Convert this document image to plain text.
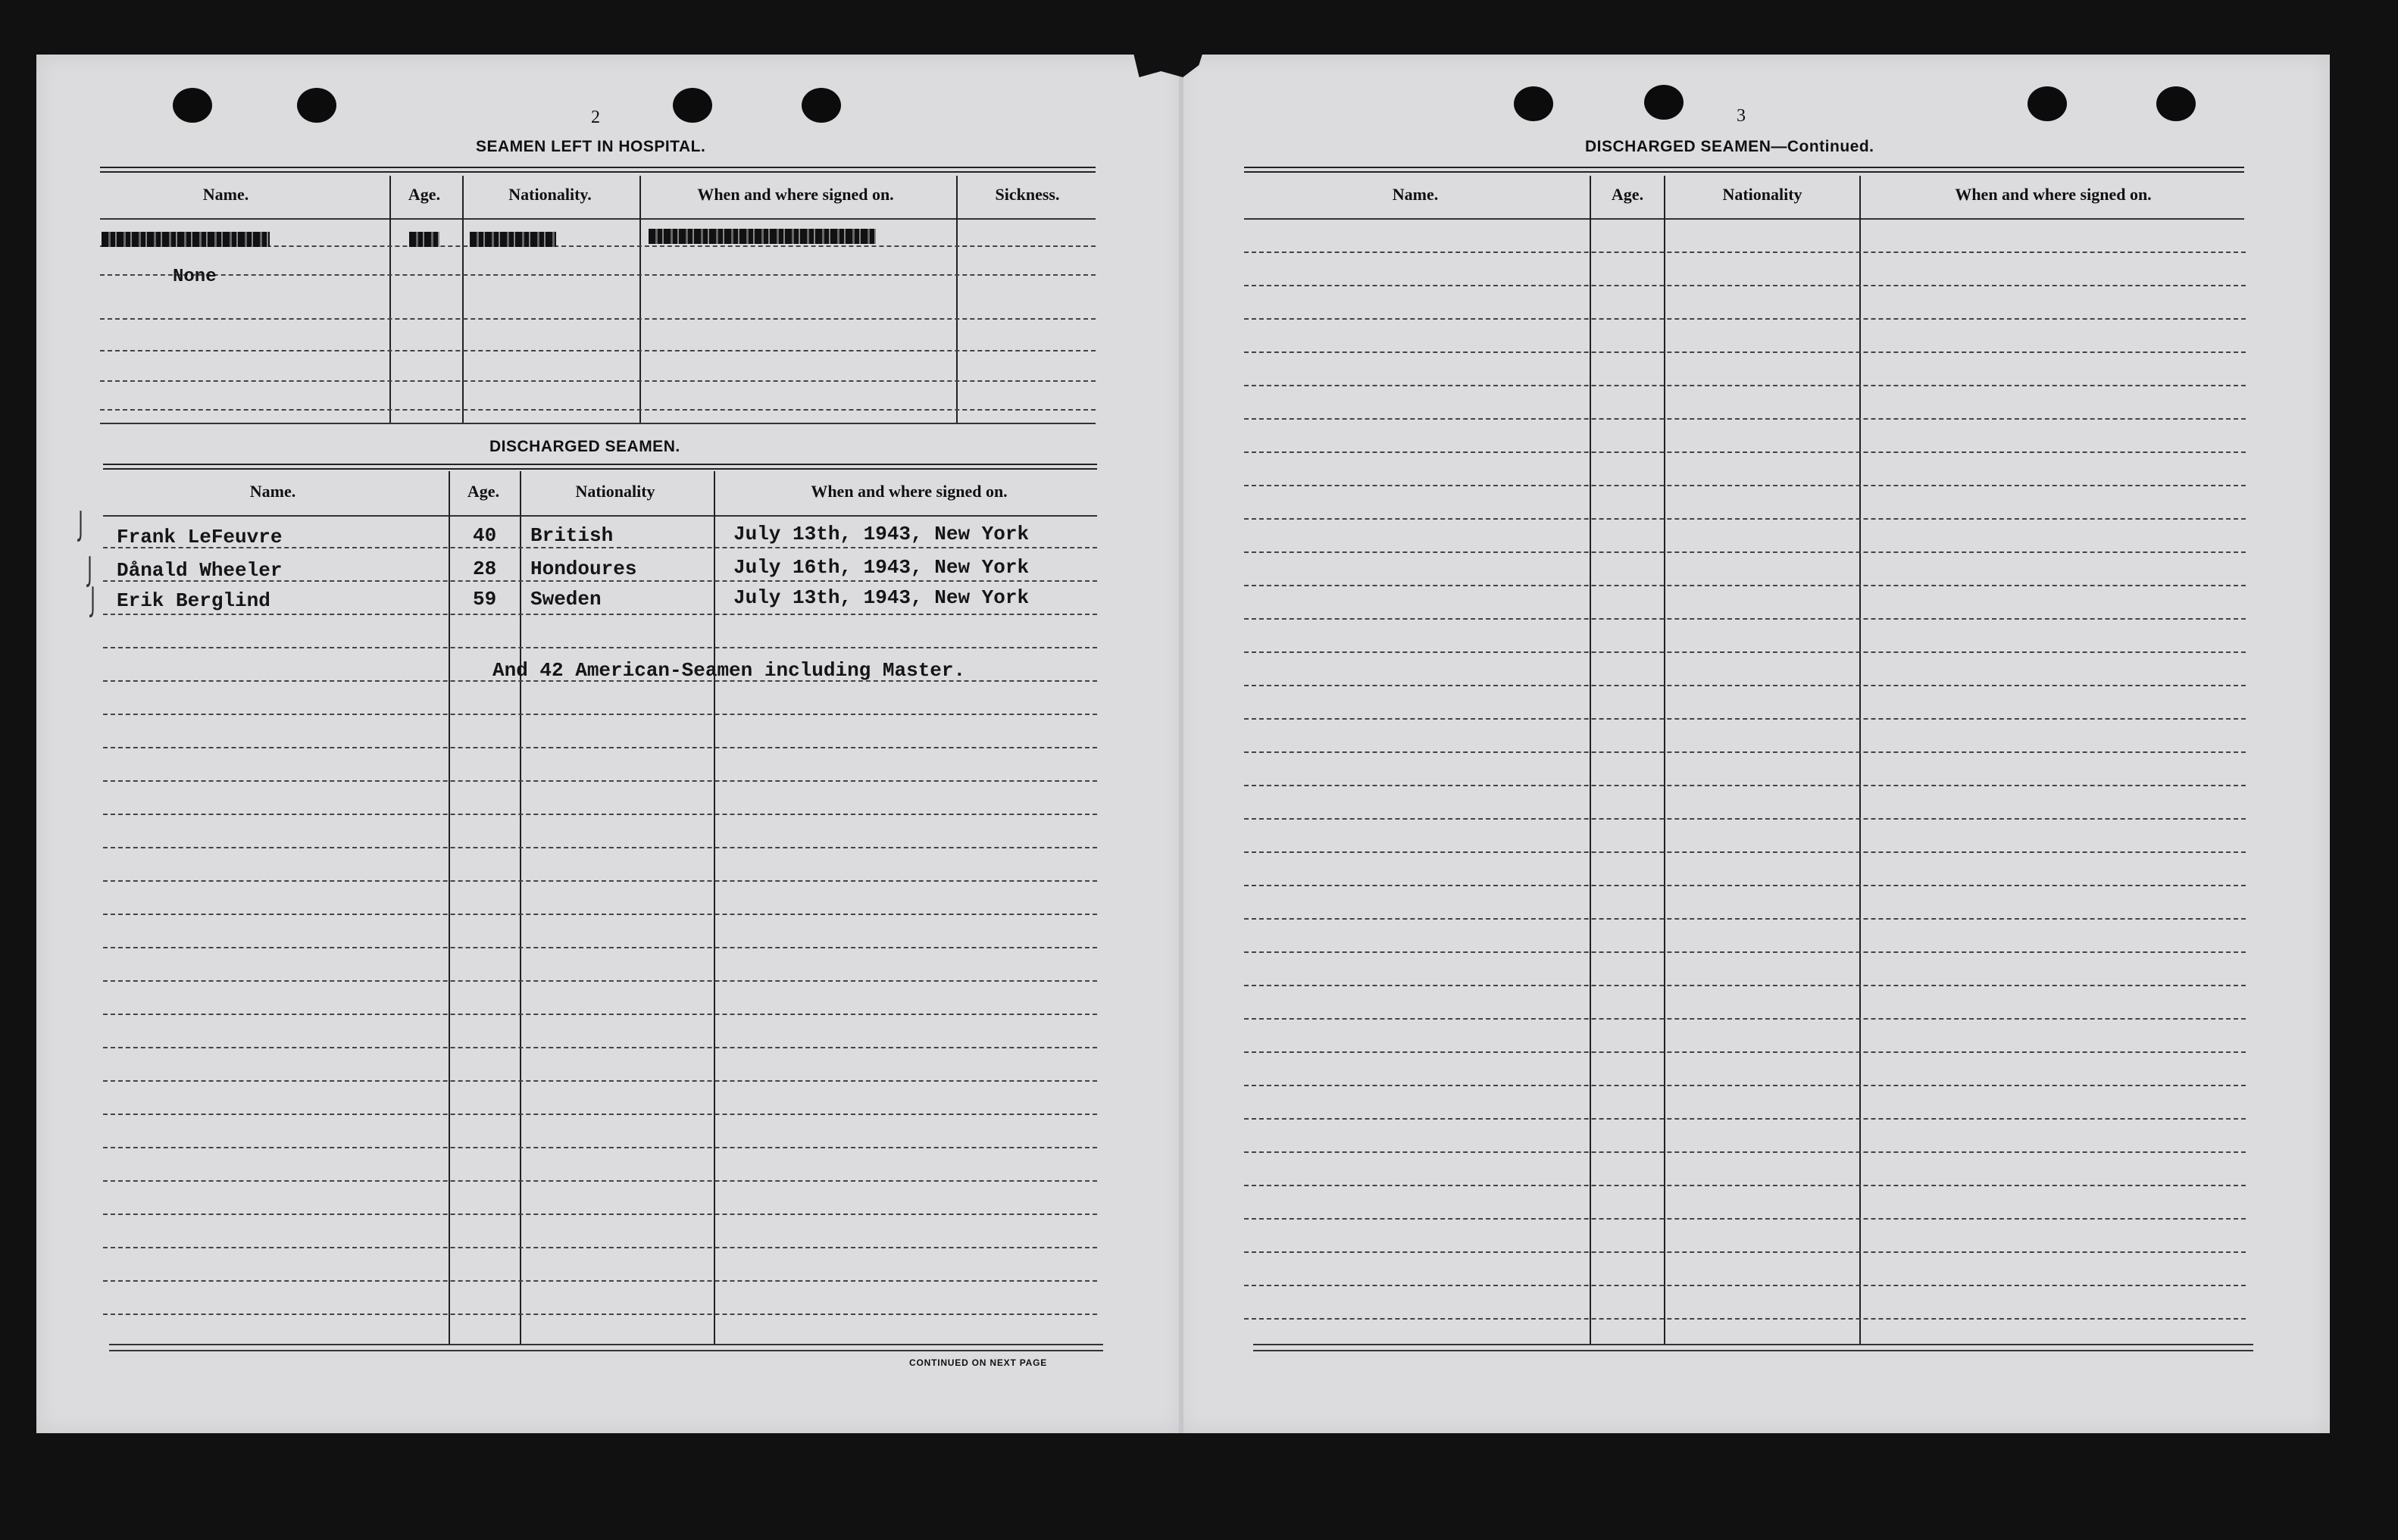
2
SEAMEN LEFT IN HOSPITAL.
Name.	Age.	Nationality.	When and where signed on.	Sickness.
None
DISCHARGED SEAMEN.
Name.	Age.	Nationality	When and where signed on.
J
J
J
Frank LeFeuvre	40 British	July 13th, 1943, New York
Dånald Wheeler	28 Hondoures	July 16th, 1943, New York
Erik Berglind	59 Sweden	July 13th, 1943, New York
And 42 American-Seamen including Master.
CONTINUED ON NEXT PAGE
3
DISCHARGED SEAMEN—Continued.
Name.	Age.	Nationality	When and where signed on.
